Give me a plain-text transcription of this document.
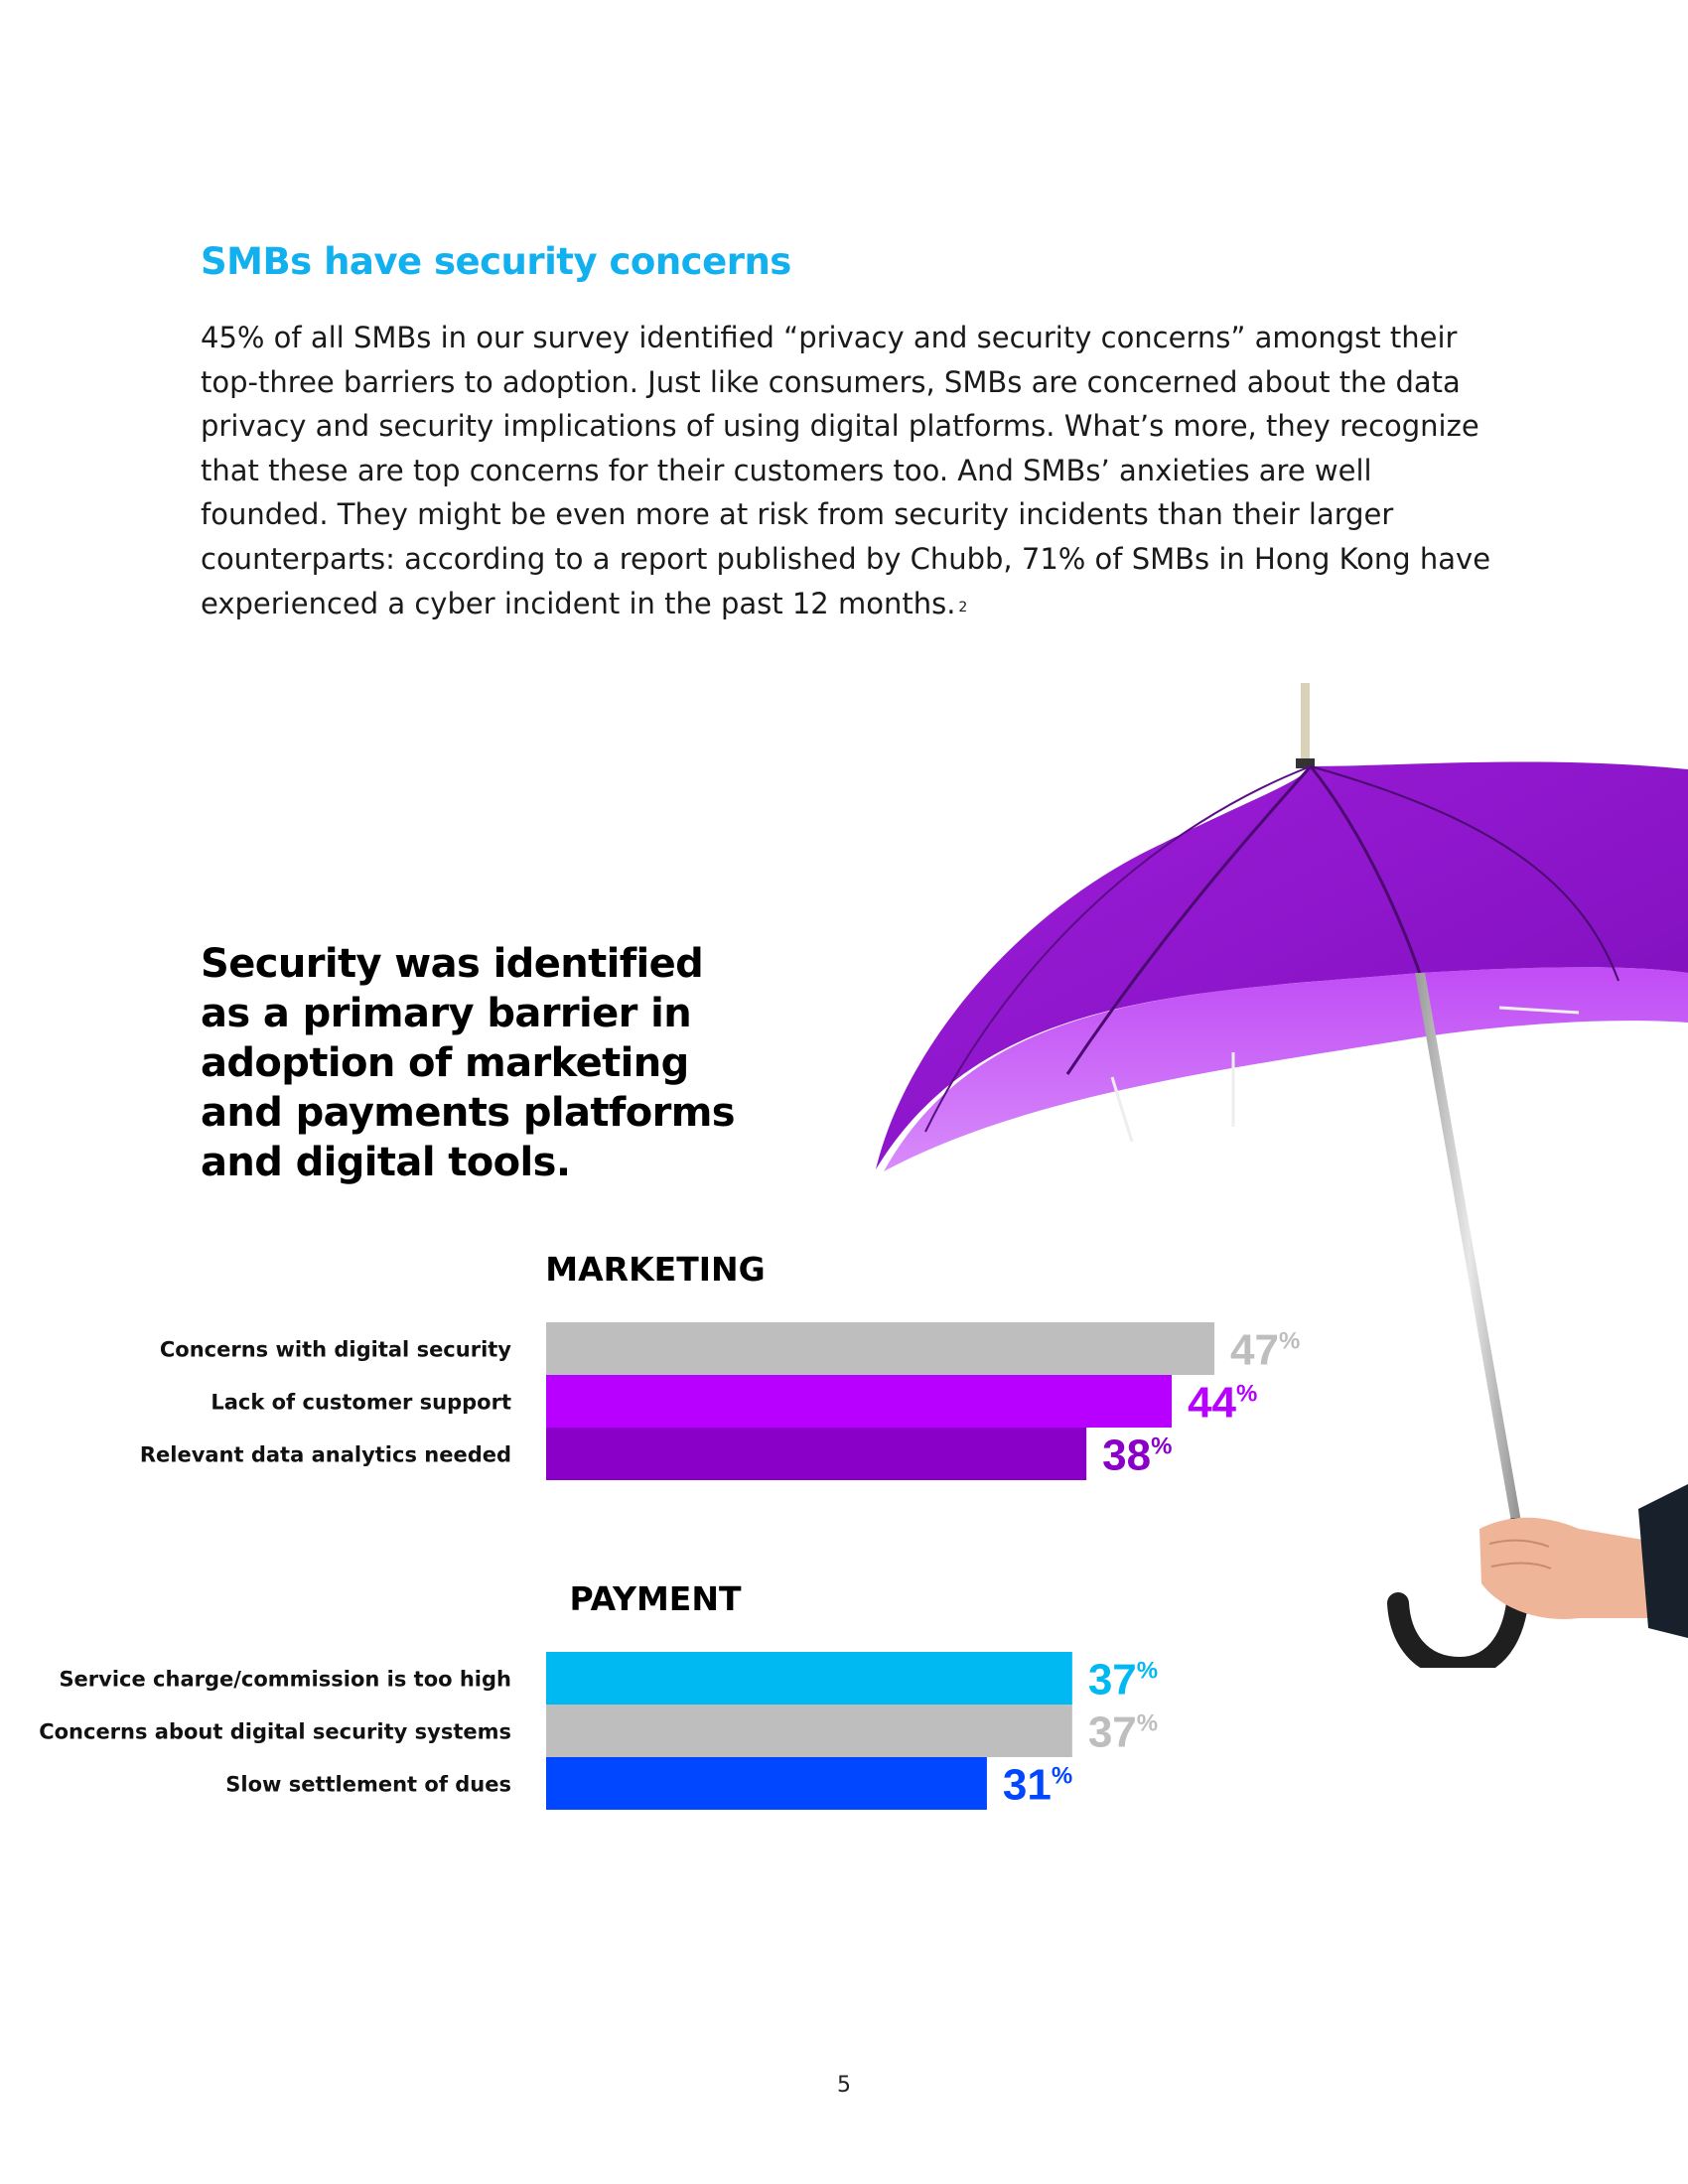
SMBs have security concerns

45% of all SMBs in our survey identified “privacy and security concerns” amongst their top-three barriers to adoption. Just like consumers, SMBs are concerned about the data privacy and security implications of using digital platforms. What’s more, they recognize that these are top concerns for their customers too. And SMBs’ anxieties are well founded. They might be even more at risk from security incidents than their larger counterparts: according to a report published by Chubb, 71% of SMBs in Hong Kong have experienced a cyber incident in the past 12 months. $^2$

Security was identified as a primary barrier in adoption of marketing and payments platforms and digital tools.

MARKETING
Concerns with digital security	47%
Lack of customer support	44%
Relevant data analytics needed	38%
PAYMENT
Service charge/commission is too high	37%
Concerns about digital security systems	37%
Slow settlement of dues	31%
5
